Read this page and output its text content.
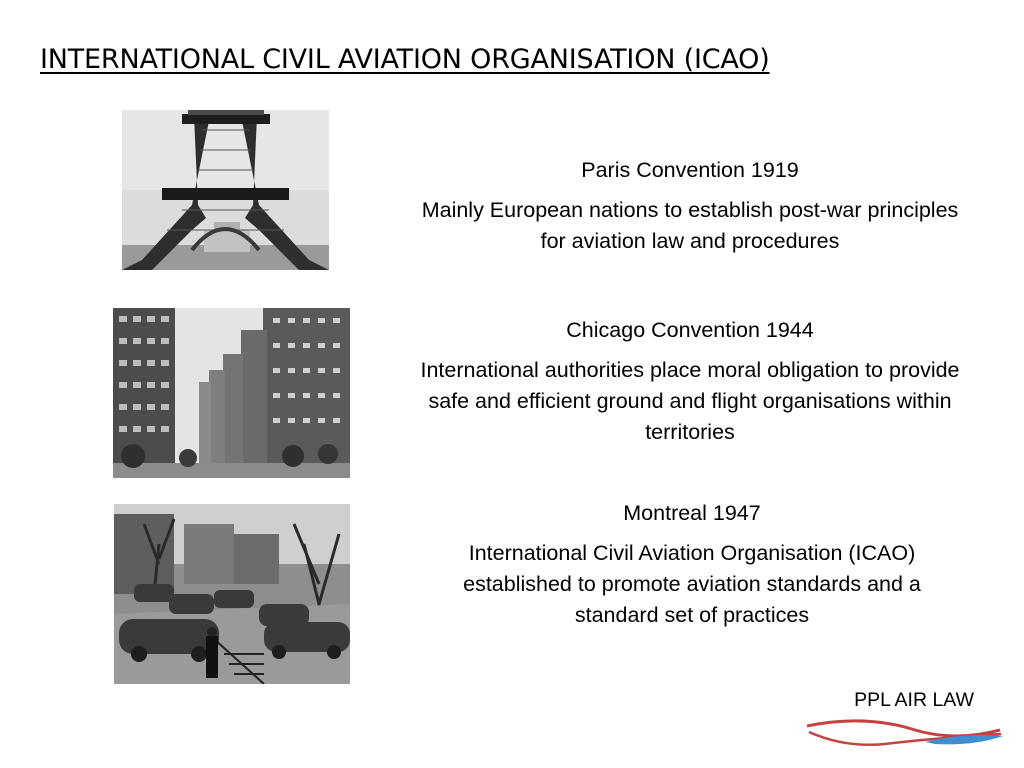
INTERNATIONAL CIVIL AVIATION ORGANISATION (ICAO)
Paris Convention 1919
Mainly European nations to establish post-war principles for aviation law and procedures
Chicago Convention 1944
International authorities place moral obligation to provide safe and efficient ground and flight organisations within territories
Montreal 1947
International Civil Aviation Organisation (ICAO) established to promote aviation standards and a standard set of practices
PPL AIR LAW
